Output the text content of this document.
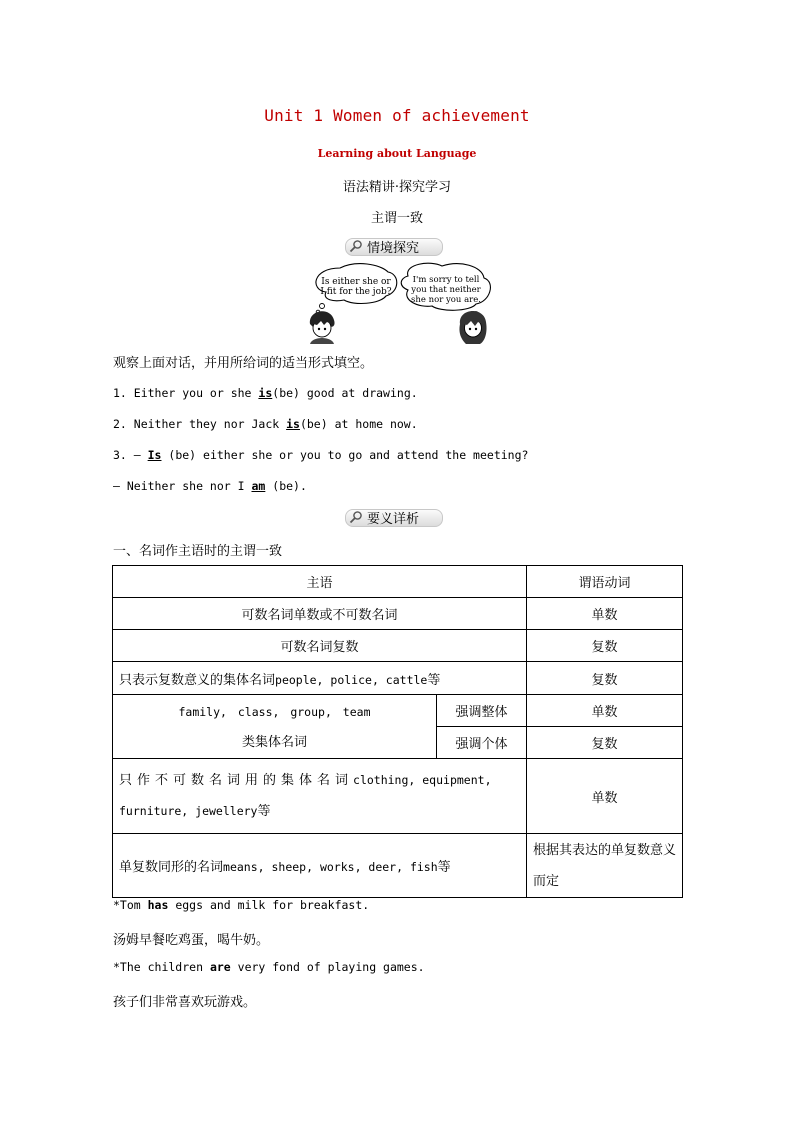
Unit 1 Women of achievement
Learning about Language
语法精讲·探究学习
主谓一致
情境探究
Is either she or
I fit for the job?
I'm sorry to tell
you that neither
she nor you are.
观察上面对话，并用所给词的适当形式填空。
1. Either you or she is(be) good at drawing.
2. Neither they nor Jack is(be) at home now.
3. — Is (be) either she or you to go and attend the meeting?
— Neither she nor I am (be).
要义详析
一、名词作主语时的主谓一致
主语		谓语动词
可数名词单数或不可数名词		单数
可数名词复数		复数
只表示复数意义的集体名词people, police, cattle等		复数

family, class, group, team
类集体名词	强调整体	单数
	强调个体	复数
只作不可数名词用的集体名词clothing, equipment,
furniture, jewellery等		单数
单复数同形的名词means, sheep, works, deer, fish等		根据其表达的单复数意义而定
*Tom has eggs and milk for breakfast.
汤姆早餐吃鸡蛋，喝牛奶。
*The children are very fond of playing games.
孩子们非常喜欢玩游戏。
